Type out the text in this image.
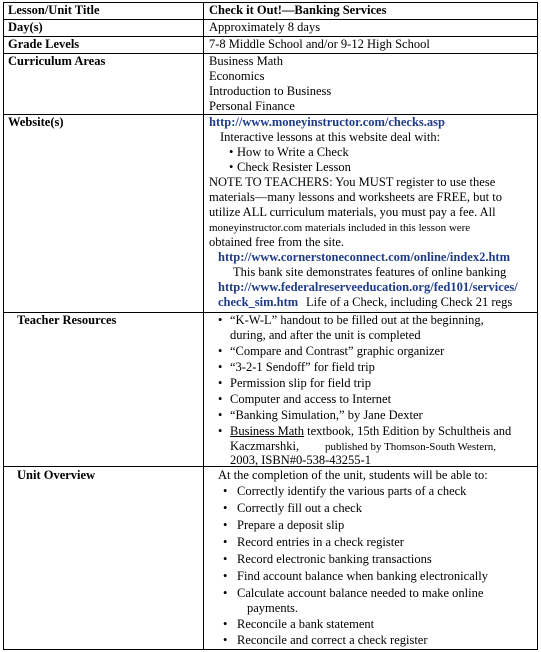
Lesson/Unit Title	Check it Out!—Banking Services
Day(s)	Approximately 8 days
Grade Levels	7-8 Middle School and/or 9-12 High School
Curriculum Areas	Business Math
Economics
Introduction to Business
Personal Finance
Website(s)	http://www.moneyinstructor.com/checks.asp
Interactive lessons at this website deal with:
• How to Write a Check
• Check Resister Lesson
NOTE TO TEACHERS: You MUST register to use these
materials—many lessons and worksheets are FREE, but to
utilize ALL curriculum materials, you must pay a fee. All
moneyinstructor.com materials included in this lesson were
obtained free from the site.
http://www.cornerstoneconnect.com/online/index2.htm
This bank site demonstrates features of online banking
http://www.federalreserveeducation.org/fed101/services/
check_sim.htm Life of a Check, including Check 21 regs
Teacher Resources	• “K-W-L” handout to be filled out at the beginning,
during, and after the unit is completed
• “Compare and Contrast” graphic organizer
• “3-2-1 Sendoff” for field trip
• Permission slip for field trip
• Computer and access to Internet
• “Banking Simulation,” by Jane Dexter
• Business Math textbook, 15th Edition by Schultheis and
Kaczmarshki, published by Thomson-South Western,
2003, ISBN#0-538-43255-1
Unit Overview	At the completion of the unit, students will be able to:
• Correctly identify the various parts of a check
• Correctly fill out a check
• Prepare a deposit slip
• Record entries in a check register
• Record electronic banking transactions
• Find account balance when banking electronically
• Calculate account balance needed to make online
payments.
• Reconcile a bank statement
• Reconcile and correct a check register
